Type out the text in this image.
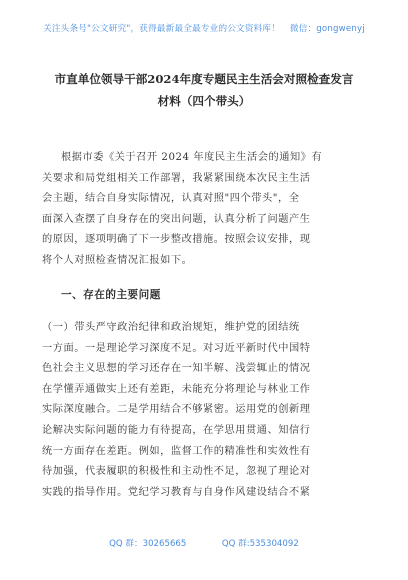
关注头条号"公文研究"，获得最新最全最专业的公文资料库！ 微信：gongwenyj
市直单位领导干部2024年度专题民主生活会对照检查发言
材料（四个带头）
根据市委《关于召开 2024 年度民主生活会的通知》有
关要求和局党组相关工作部署，我紧紧围绕本次民主生活
会主题，结合自身实际情况，认真对照"四个带头"，全
面深入查摆了自身存在的突出问题，认真分析了问题产生
的原因，逐项明确了下一步整改措施。按照会议安排，现
将个人对照检查情况汇报如下。
一、存在的主要问题
（一）带头严守政治纪律和政治规矩，维护党的团结统
一方面。一是理论学习深度不足。对习近平新时代中国特
色社会主义思想的学习还存在一知半解、浅尝辄止的情况
在学懂弄通做实上还有差距，未能充分将理论与林业工作
实际深度融合。二是学用结合不够紧密。运用党的创新理
论解决实际问题的能力有待提高，在学思用贯通、知信行
统一方面存在差距。例如，监督工作的精准性和实效性有
待加强，代表履职的积极性和主动性不足，忽视了理论对
实践的指导作用。党纪学习教育与自身作风建设结合不紧
QQ 群：30265665	QQ 群:535304092
